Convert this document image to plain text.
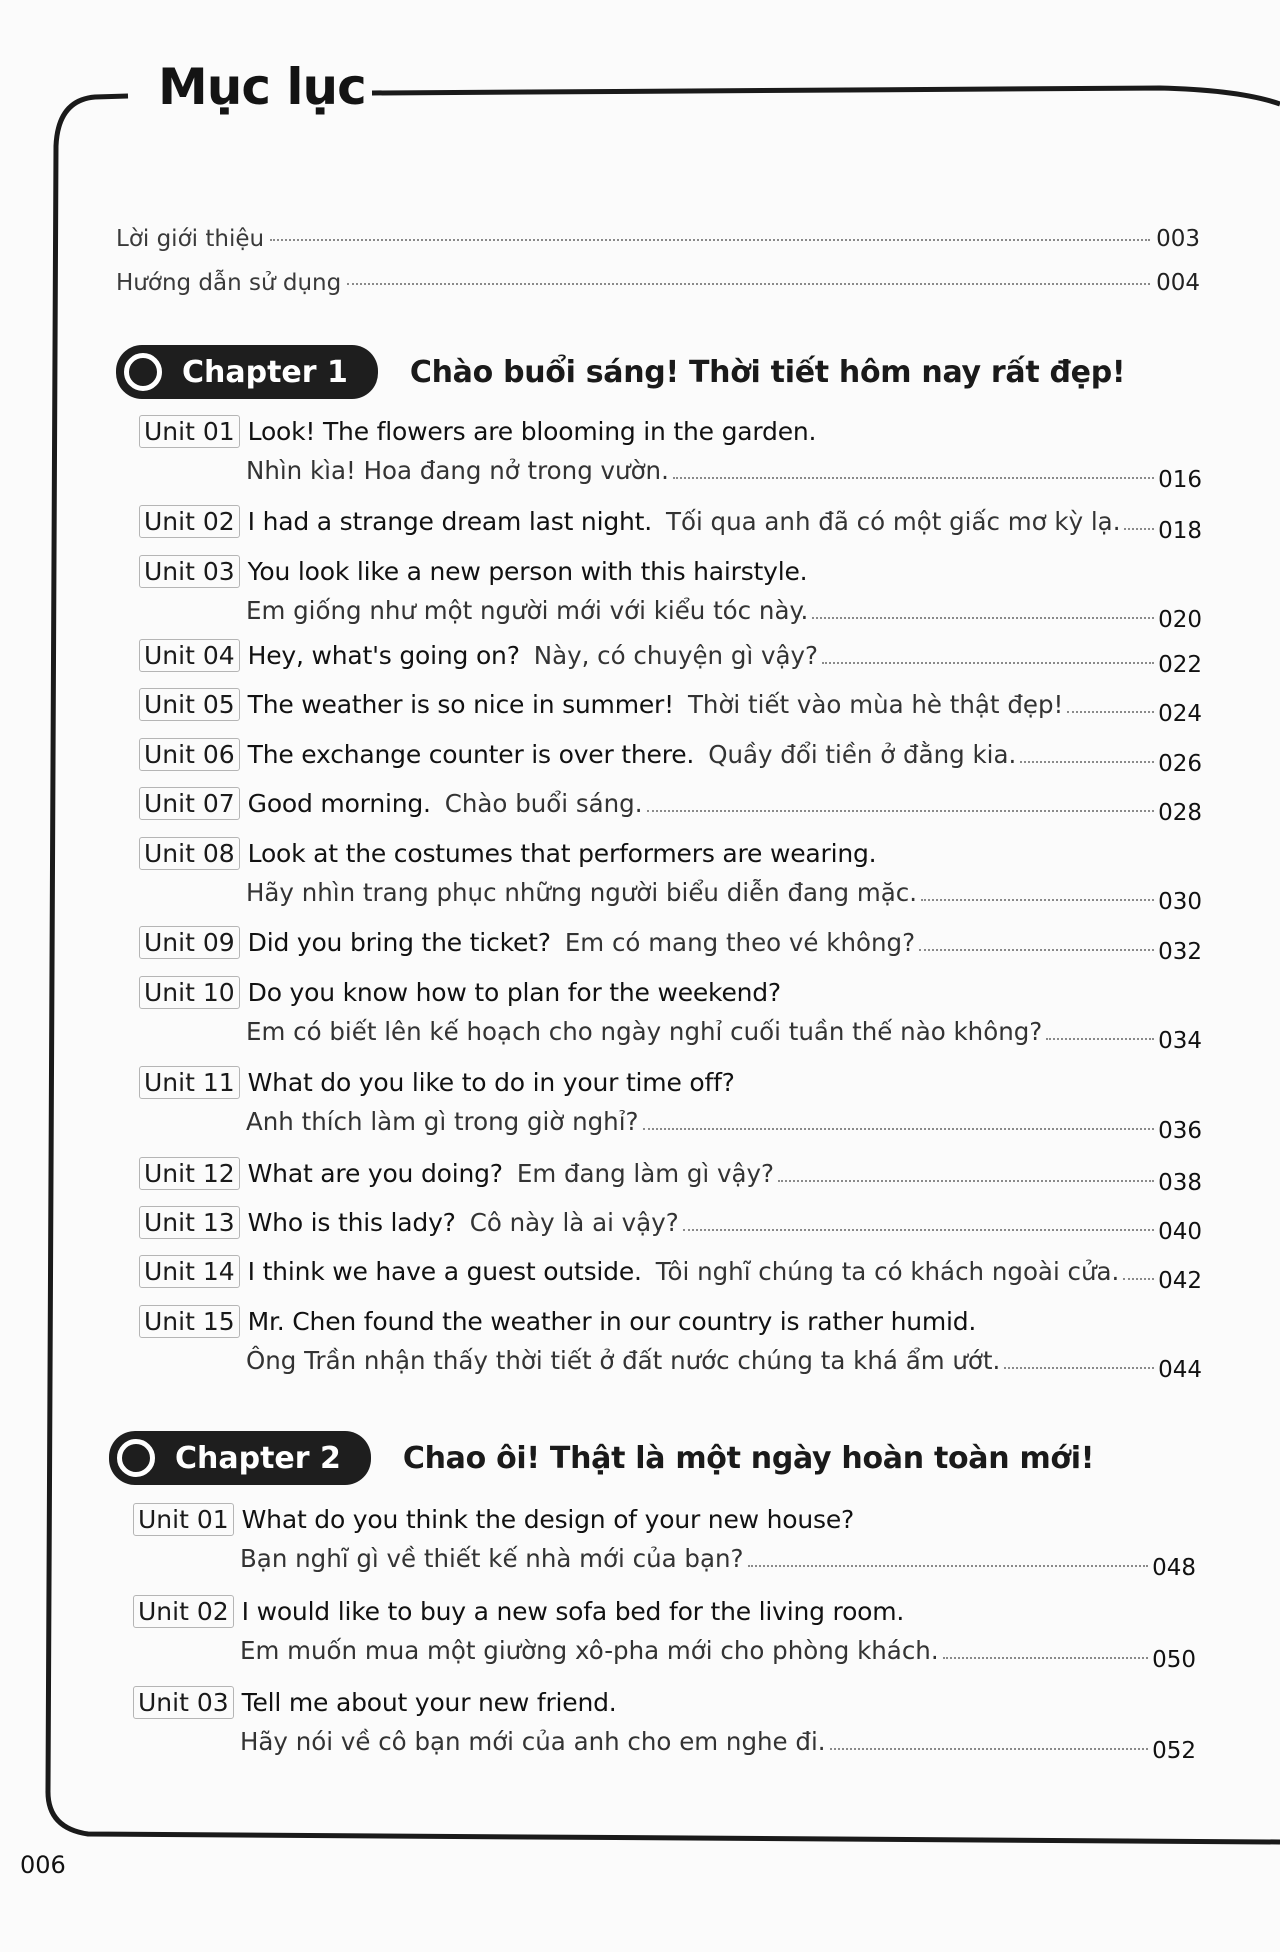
Mục lục
Lời giới thiệu	003
Hướng dẫn sử dụng	004
Chapter 1 Chào buổi sáng! Thời tiết hôm nay rất đẹp!
Unit 01 Look! The flowers are blooming in the garden.
Nhìn kìa! Hoa đang nở trong vườn.	016
Unit 02 I had a strange dream last night. Tối qua anh đã có một giấc mơ kỳ lạ. 018
Unit 03 You look like a new person with this hairstyle.
Em giống như một người mới với kiểu tóc này.	020
Unit 04 Hey, what's going on? Này, có chuyện gì vậy?	022
Unit 05 The weather is so nice in summer! Thời tiết vào mùa hè thật đẹp!	024
Unit 06 The exchange counter is over there. Quầy đổi tiền ở đằng kia.	026
Unit 07 Good morning. Chào buổi sáng.	028
Unit 08 Look at the costumes that performers are wearing.
Hãy nhìn trang phục những người biểu diễn đang mặc.	030
Unit 09 Did you bring the ticket? Em có mang theo vé không?	032
Unit 10 Do you know how to plan for the weekend?
Em có biết lên kế hoạch cho ngày nghỉ cuối tuần thế nào không?	034
Unit 11 What do you like to do in your time off?
Anh thích làm gì trong giờ nghỉ?	036
Unit 12 What are you doing? Em đang làm gì vậy?	038
Unit 13 Who is this lady? Cô này là ai vậy?	040
Unit 14 I think we have a guest outside. Tôi nghĩ chúng ta có khách ngoài cửa. 042
Unit 15 Mr. Chen found the weather in our country is rather humid.
Ông Trần nhận thấy thời tiết ở đất nước chúng ta khá ẩm ướt.	044
Chapter 2 Chao ôi! Thật là một ngày hoàn toàn mới!
Unit 01 What do you think the design of your new house?
Bạn nghĩ gì về thiết kế nhà mới của bạn?	048
Unit 02 I would like to buy a new sofa bed for the living room.
Em muốn mua một giường xô-pha mới cho phòng khách.	050
Unit 03 Tell me about your new friend.
Hãy nói về cô bạn mới của anh cho em nghe đi.	052
006
